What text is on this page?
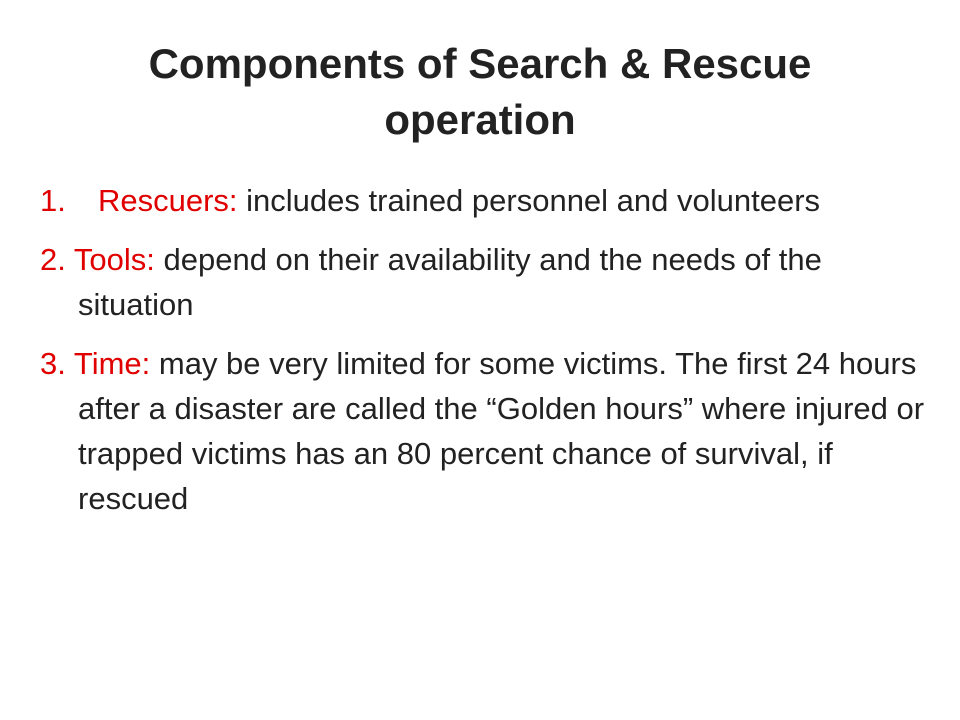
Components of Search & Rescue
operation
1. Rescuers: includes trained personnel and volunteers
2. Tools: depend on their availability and the needs of the situation
3. Time: may be very limited for some victims. The first 24 hours after a disaster are called the “Golden hours” where injured or trapped victims has an 80 percent chance of survival, if rescued
